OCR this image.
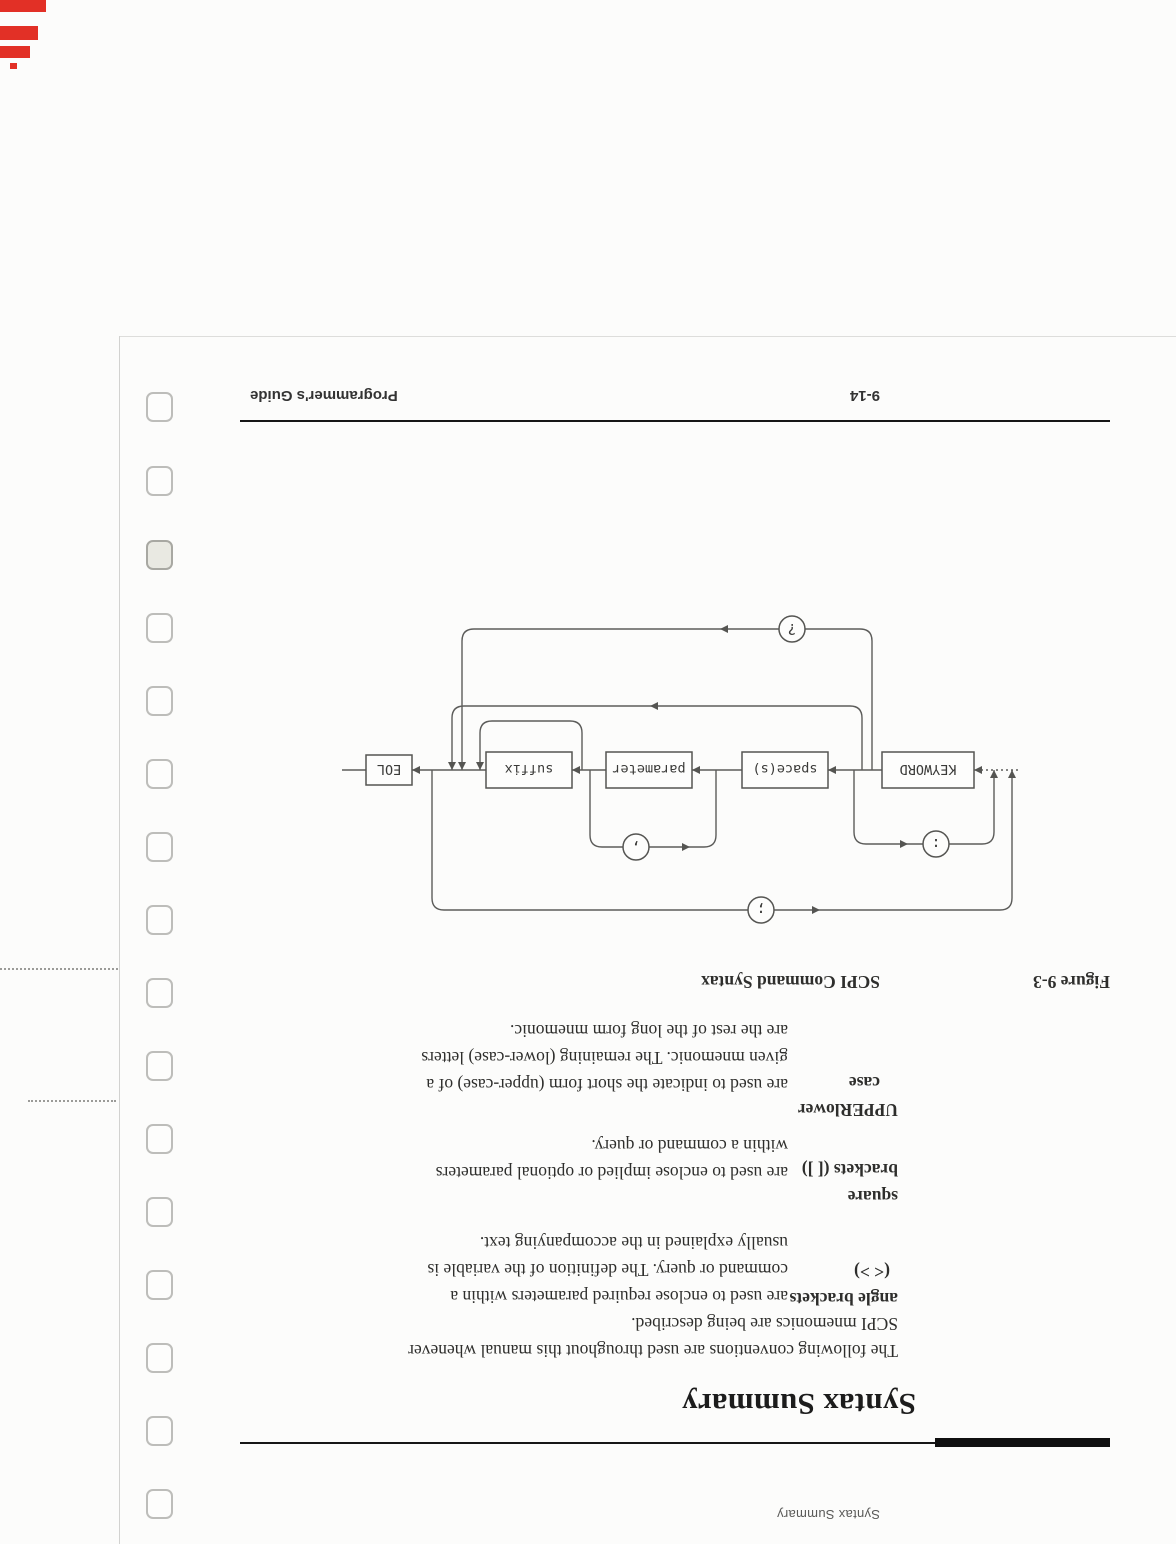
Syntax Summary
Syntax Summary
The following conventions are used throughout this manual whenever
SCPI mnemonics are being described.
angle brackets
(< >)
are used to enclose required parameters within a
command or query. The definition of the variable is
usually explained in the accompanying text.
square
brackets ([ ])
are used to enclose implied or optional parameters
within a command or query.
UPPERlower
case
are used to indicate the short form (upper-case) of a
given mnemonic. The remaining (lower-case) letters
are the rest of the long form mnemonic.
Figure 9-3
SCPI Command Syntax
KEYWORD
space(s)
parameter
suffix
EOL
:
,
;
?
9-14
Programmer's Guide
